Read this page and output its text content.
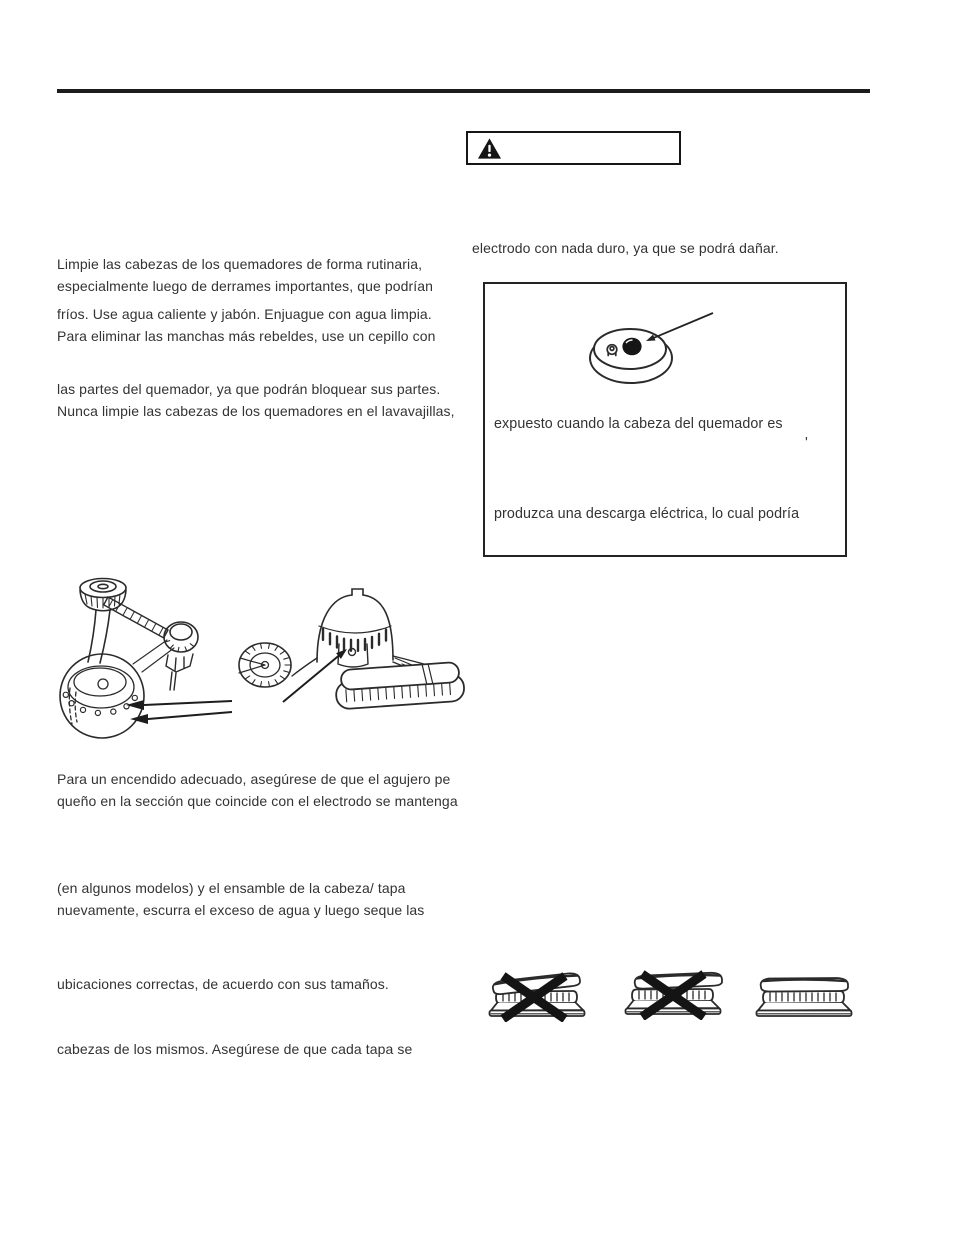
Limpie las cabezas de los quemadores de forma rutinaria,
especialmente luego de derrames importantes, que podrían
fríos. Use agua caliente y jabón. Enjuague con agua limpia.
Para eliminar las manchas más rebeldes, use un cepillo con
las partes del quemador, ya que podrán bloquear sus partes.
Nunca limpie las cabezas de los quemadores en el lavavajillas,
Para un encendido adecuado, asegúrese de que el agujero pe
queño en la sección que coincide con el electrodo se mantenga
(en algunos modelos) y el ensamble de la cabeza/ tapa
nuevamente, escurra el exceso de agua y luego seque las
ubicaciones correctas, de acuerdo con sus tamaños.
cabezas de los mismos. Asegúrese de que cada tapa se
electrodo con nada duro, ya que se podrá dañar.
expuesto cuando la cabeza del quemador es
'
produzca una descarga eléctrica, lo cual podría
